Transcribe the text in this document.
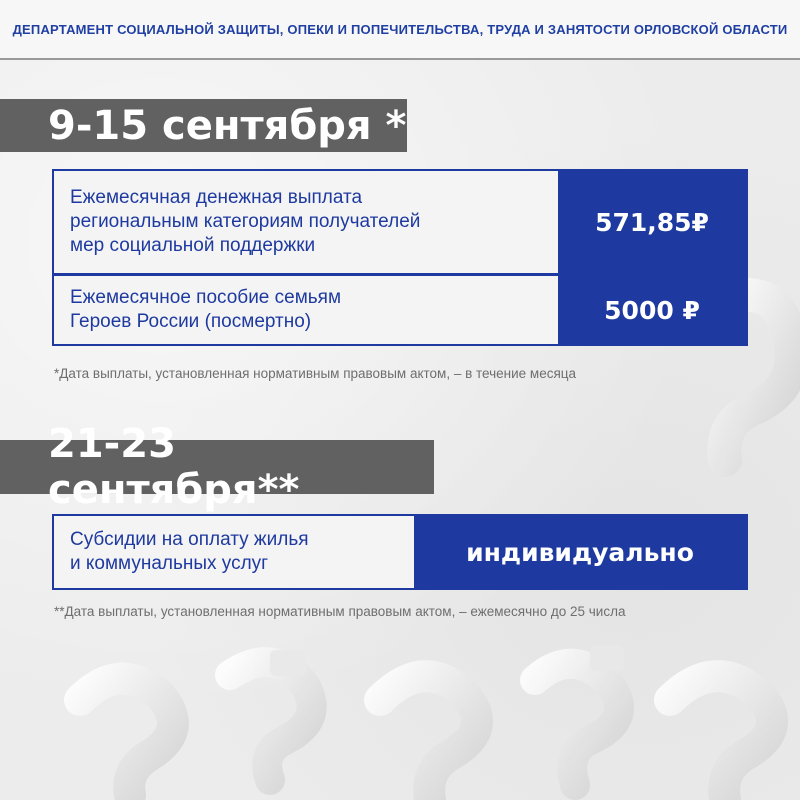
ДЕПАРТАМЕНТ СОЦИАЛЬНОЙ ЗАЩИТЫ, ОПЕКИ И ПОПЕЧИТЕЛЬСТВА, ТРУДА И ЗАНЯТОСТИ ОРЛОВСКОЙ ОБЛАСТИ
9-15 сентября *
Ежемесячная денежная выплата
региональным категориям получателей
мер социальной поддержки
571,85₽
Ежемесячное пособие семьям
Героев России (посмертно)	5000 ₽
*Дата выплаты, установленная нормативным правовым актом, – в течение месяца
21-23 сентября**
Субсидии на оплату жилья
и коммунальных услуг	индивидуально
**Дата выплаты, установленная нормативным правовым актом, – ежемесячно до 25 числа
